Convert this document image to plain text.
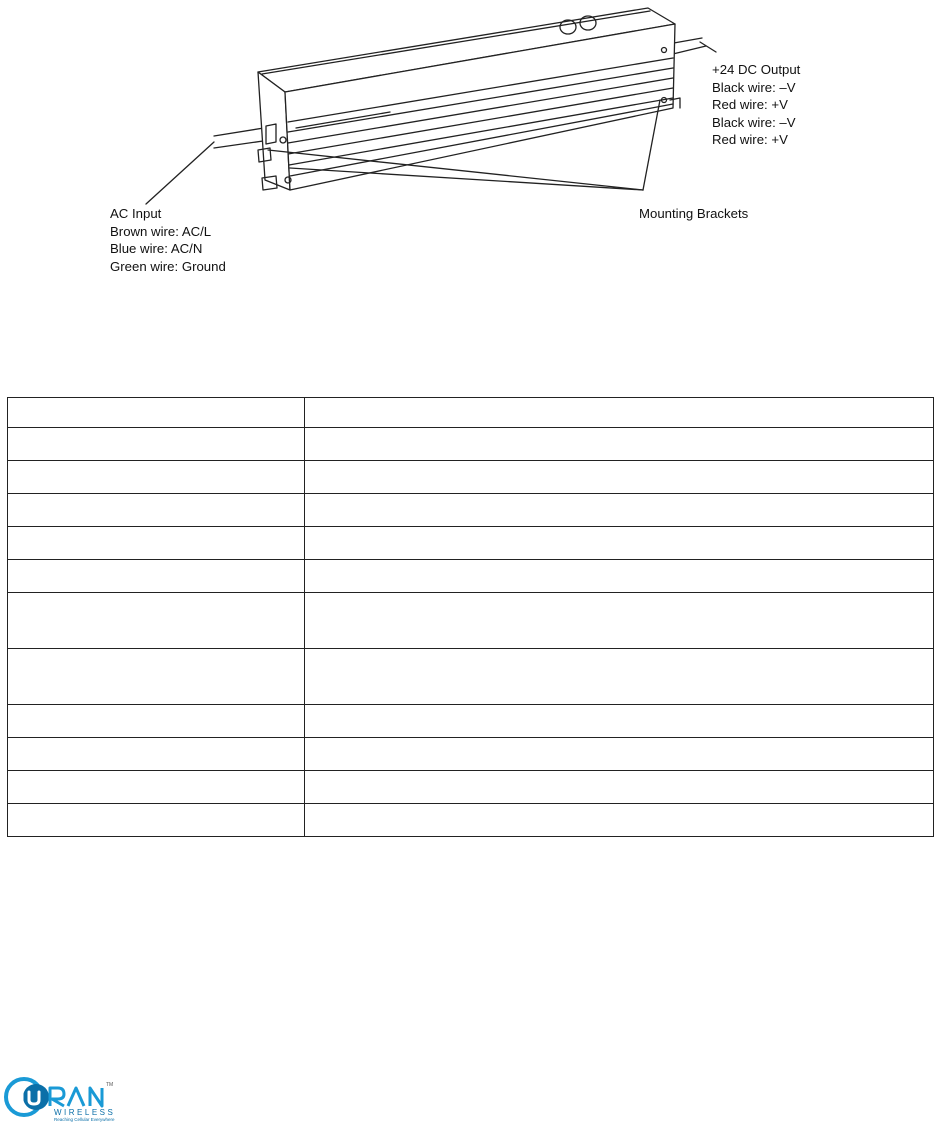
AC Input
Brown wire: AC/L
Blue wire: AC/N
Green wire: Ground
+24 DC Output
Black wire: –V
Red wire: +V
Black wire: –V
Red wire: +V
Mounting Brackets

TM
WIRELESS
Reaching Cellular Everywhere
